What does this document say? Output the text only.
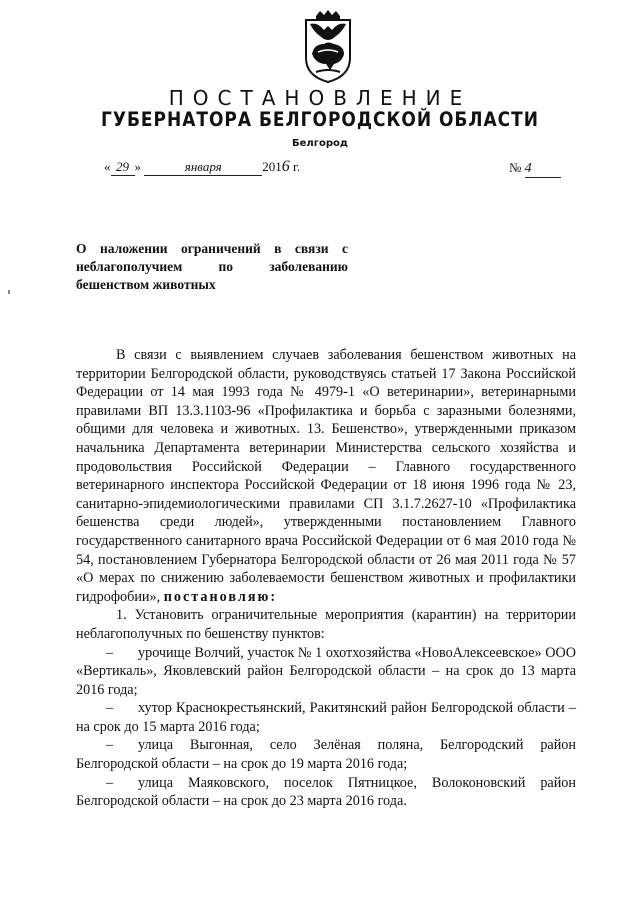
ПОСТАНОВЛЕНИЕ
ГУБЕРНАТОРА БЕЛГОРОДСКОЙ ОБЛАСТИ
Белгород
« 29 »	января	2016 г.	№ 4
О наложении ограничений в связи с
неблагополучием по заболеванию
бешенством животных

В связи с выявлением случаев заболевания бешенством животных на территории Белгородской области, руководствуясь статьей 17 Закона Российской Федерации от 14 мая 1993 года № 4979-1 «О ветеринарии», ветеринарными правилами ВП 13.3.1103-96 «Профилактика и борьба с заразными болезнями, общими для человека и животных. 13. Бешенство», утвержденными приказом начальника Департамента ветеринарии Министерства сельского хозяйства и продовольствия Российской Федерации – Главного государственного ветеринарного инспектора Российской Федерации от 18 июня 1996 года № 23, санитарно-эпидемиологическими правилами СП 3.1.7.2627-10 «Профилактика бешенства среди людей», утвержденными постановлением Главного государственного санитарного врача Российской Федерации от 6 мая 2010 года № 54, постановлением Губернатора Белгородской области от 26 мая 2011 года № 57 «О мерах по снижению заболеваемости бешенством животных и профилактики гидрофобии», постановляю:

1. Установить ограничительные мероприятия (карантин) на территории неблагополучных по бешенству пунктов:

– урочище Волчий, участок № 1 охотхозяйства «НовоАлексеевское» ООО «Вертикаль», Яковлевский район Белгородской области – на срок до 13 марта 2016 года;

– хутор Краснокрестьянский, Ракитянский район Белгородской области – на срок до 15 марта 2016 года;

– улица Выгонная, село Зелёная поляна, Белгородский район Белгородской области – на срок до 19 марта 2016 года;

– улица Маяковского, поселок Пятницкое, Волоконовский район Белгородской области – на срок до 23 марта 2016 года.
